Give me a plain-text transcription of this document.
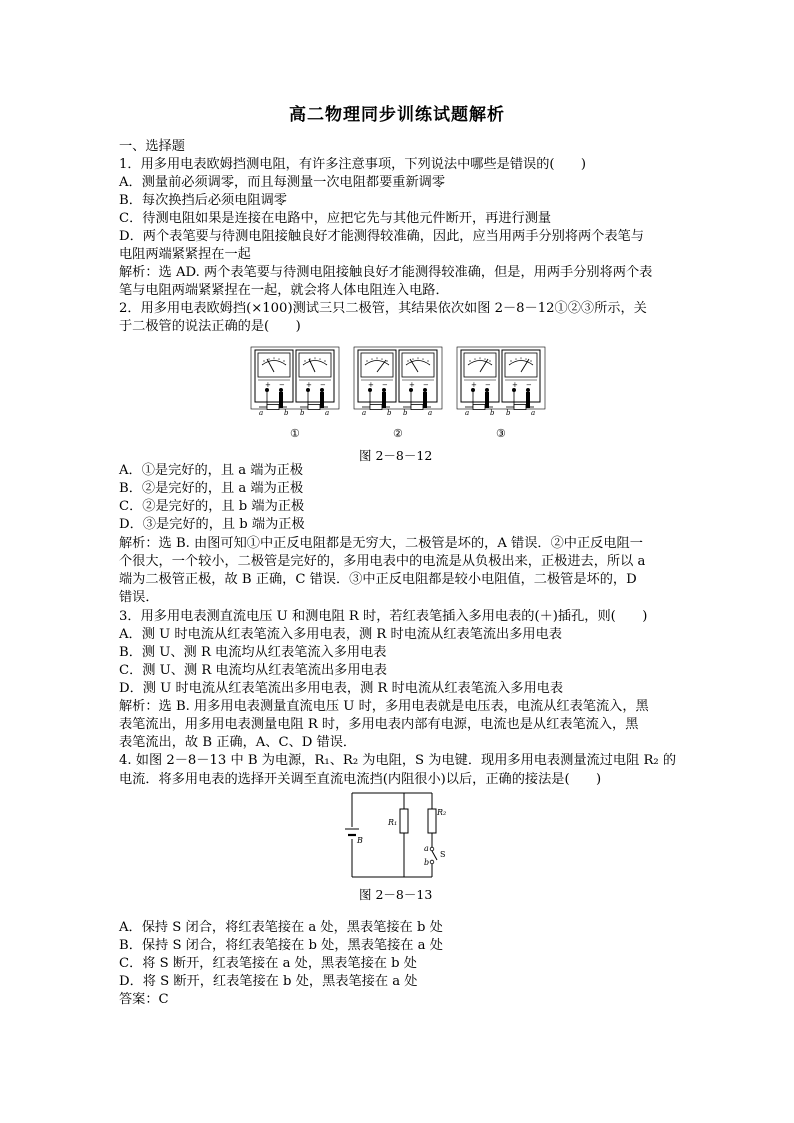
高二物理同步训练试题解析
一、选择题
1．用多用电表欧姆挡测电阻，有许多注意事项，下列说法中哪些是错误的(　　)
A．测量前必须调零，而且每测量一次电阻都要重新调零
B．每次换挡后必须电阻调零
C．待测电阻如果是连接在电路中，应把它先与其他元件断开，再进行测量
D．两个表笔要与待测电阻接触良好才能测得较准确，因此，应当用两手分别将两个表笔与
电阻两端紧紧捏在一起
解析：选 AD. 两个表笔要与待测电阻接触良好才能测得较准确，但是，用两手分别将两个表
笔与电阻两端紧紧捏在一起，就会将人体电阻连入电路．
2．用多用电表欧姆挡(×100)测试三只二极管，其结果依次如图 2－8－12①②③所示，关
于二极管的说法正确的是(　　)
a	b b	a	a	b b	a	a	b b	a
+ −	+ −	+ −	+ −	+ −	+ −
①	②	③
图 2－8－12
A．①是完好的，且 a 端为正极
B．②是完好的，且 a 端为正极
C．②是完好的，且 b 端为正极
D．③是完好的，且 b 端为正极
解析：选 B. 由图可知①中正反电阻都是无穷大，二极管是坏的，A 错误．②中正反电阻一
个很大，一个较小，二极管是完好的，多用电表中的电流是从负极出来，正极进去，所以 a
端为二极管正极，故 B 正确，C 错误．③中正反电阻都是较小电阻值，二极管是坏的，D
错误．
3．用多用电表测直流电压 U 和测电阻 R 时，若红表笔插入多用电表的(＋)插孔，则(　　)
A．测 U 时电流从红表笔流入多用电表，测 R 时电流从红表笔流出多用电表
B．测 U、测 R 电流均从红表笔流入多用电表
C．测 U、测 R 电流均从红表笔流出多用电表
D．测 U 时电流从红表笔流出多用电表，测 R 时电流从红表笔流入多用电表
解析：选 B. 用多用电表测量直流电压 U 时，多用电表就是电压表，电流从红表笔流入，黑
表笔流出，用多用电表测量电阻 R 时，多用电表内部有电源，电流也是从红表笔流入，黑
表笔流出，故 B 正确，A、C、D 错误．
4. 如图 2－8－13 中 B 为电源，R₁、R₂ 为电阻，S 为电键．现用多用电表测量流过电阻 R₂ 的
电流．将多用电表的选择开关调至直流电流挡(内阻很小)以后，正确的接法是(　　)
B
R₁
R₂
a
b
S
图 2－8－13
A．保持 S 闭合，将红表笔接在 a 处，黑表笔接在 b 处
B．保持 S 闭合，将红表笔接在 b 处，黑表笔接在 a 处
C．将 S 断开，红表笔接在 a 处，黑表笔接在 b 处
D．将 S 断开，红表笔接在 b 处，黑表笔接在 a 处
答案：C
